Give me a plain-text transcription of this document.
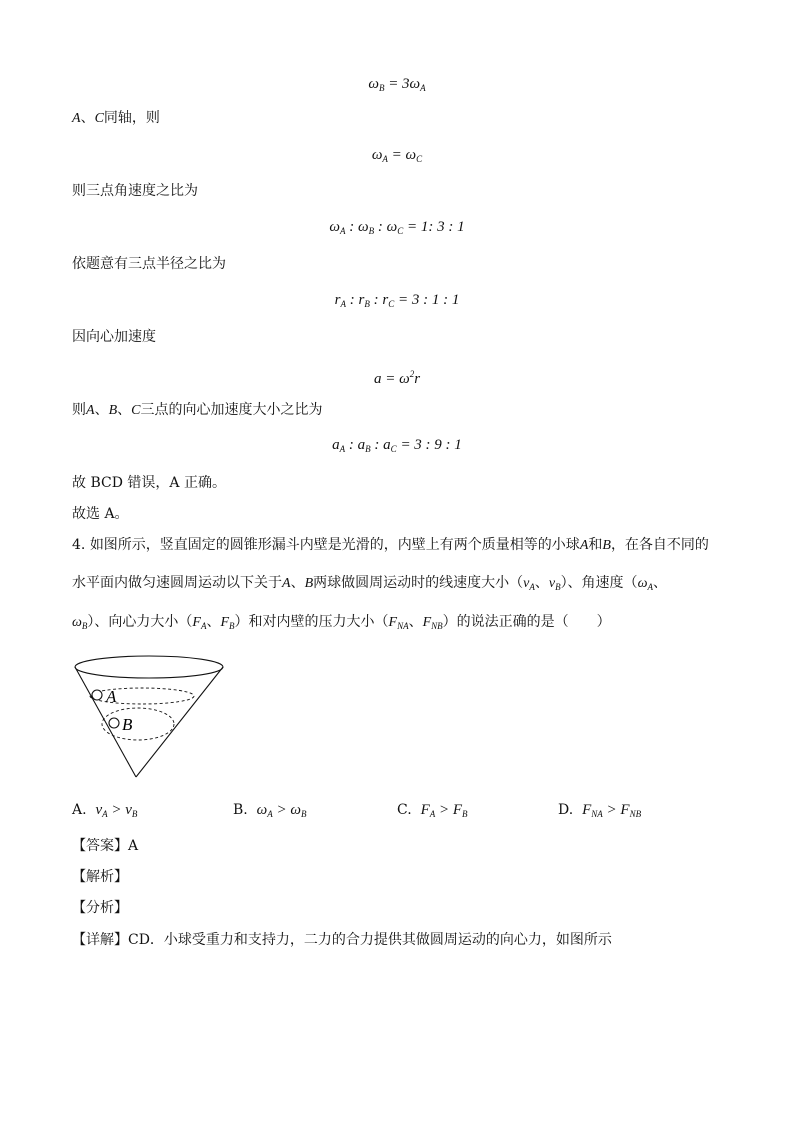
$\omega_B = 3\omega_A$
A、C同轴，则
$\omega_A = \omega_C$
则三点角速度之比为
$\omega_A$ : $\omega_B$ : $\omega_C = 1$: 3 : 1
依题意有三点半径之比为
$r_A$ : $r_B$ : $r_C = 3$ : 1 : 1
因向心加速度
$a = \omega^2r$
则A、B、C三点的向心加速度大小之比为
$a_A$ : $a_B$ : $a_C = 3$ : 9 : 1
故 BCD 错误，A 正确。
故选 A。
4. 如图所示，竖直固定的圆锥形漏斗内壁是光滑的，内壁上有两个质量相等的小球A和B，在各自不同的
水平面内做匀速圆周运动以下关于A、B两球做圆周运动时的线速度大小（$v_A$、$v_B$）、角速度（$\omega_A$、
$\omega_B$）、向心力大小（$F_A$、$F_B$）和对内壁的压力大小（$F_{NA}$、$F_{NB}$）的说法正确的是（　　）
A
B
A. $v_A > v_B$	B. $\omega_A > \omega_B$	C. $F_A > F_B$	D. $F_{NA} > F_{NB}$
【答案】A
【解析】
【分析】
【详解】CD．小球受重力和支持力，二力的合力提供其做圆周运动的向心力，如图所示
